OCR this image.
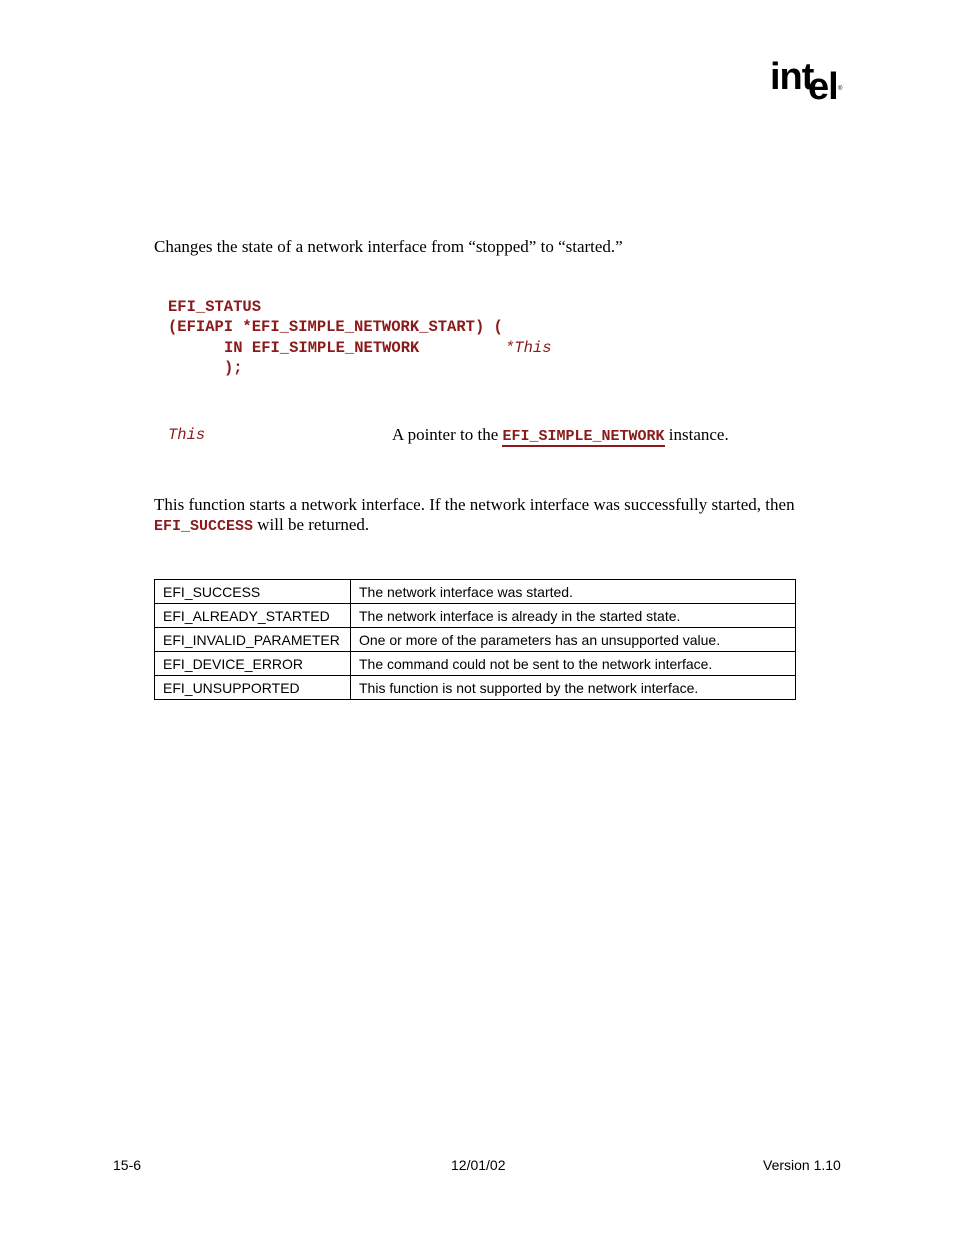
int
el ®
Changes the state of a network interface from “stopped” to “started.”
EFI_STATUS
(EFIAPI *EFI_SIMPLE_NETWORK_START) (
IN EFI_SIMPLE_NETWORK	*This
);
This	A pointer to the EFI_SIMPLE_NETWORK instance.
This function starts a network interface. If the network interface was successfully started, then
EFI_SUCCESS will be returned.
EFI_SUCCESS	The network interface was started.
EFI_ALREADY_STARTED	The network interface is already in the started state.
EFI_INVALID_PARAMETER	One or more of the parameters has an unsupported value.
EFI_DEVICE_ERROR	The command could not be sent to the network interface.
EFI_UNSUPPORTED	This function is not supported by the network interface.
15-6	12/01/02	Version 1.10
